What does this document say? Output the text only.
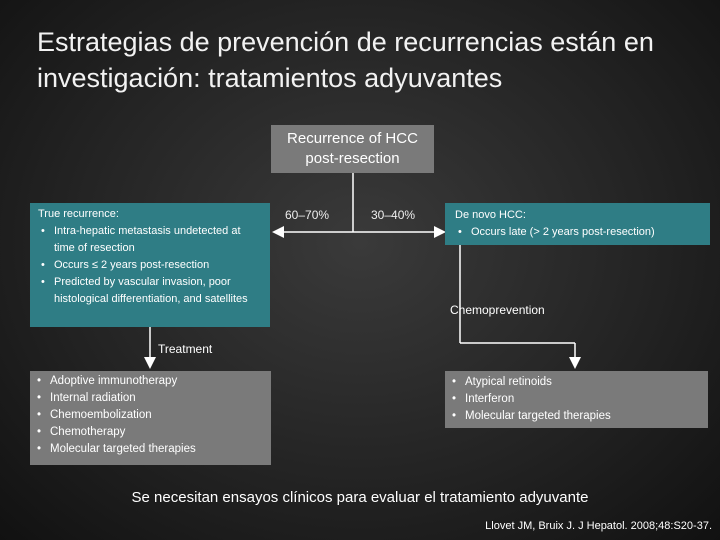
Estrategias de prevención de recurrencias están en investigación: tratamientos adyuvantes
Recurrence of HCC
post-resection
60–70%	30–40%
True recurrence:
• Intra-hepatic metastasis undetected at time of resection
• Occurs ≤ 2 years post-resection
• Predicted by vascular invasion, poor histological differentiation, and satellites
De novo HCC:
• Occurs late (> 2 years post-resection)
Treatment
Chemoprevention
• Adoptive immunotherapy
• Internal radiation
• Chemoembolization
• Chemotherapy
• Molecular targeted therapies
• Atypical retinoids
• Interferon
• Molecular targeted therapies
Se necesitan ensayos clínicos para evaluar el tratamiento adyuvante
Llovet JM, Bruix J. J Hepatol. 2008;48:S20-37.
